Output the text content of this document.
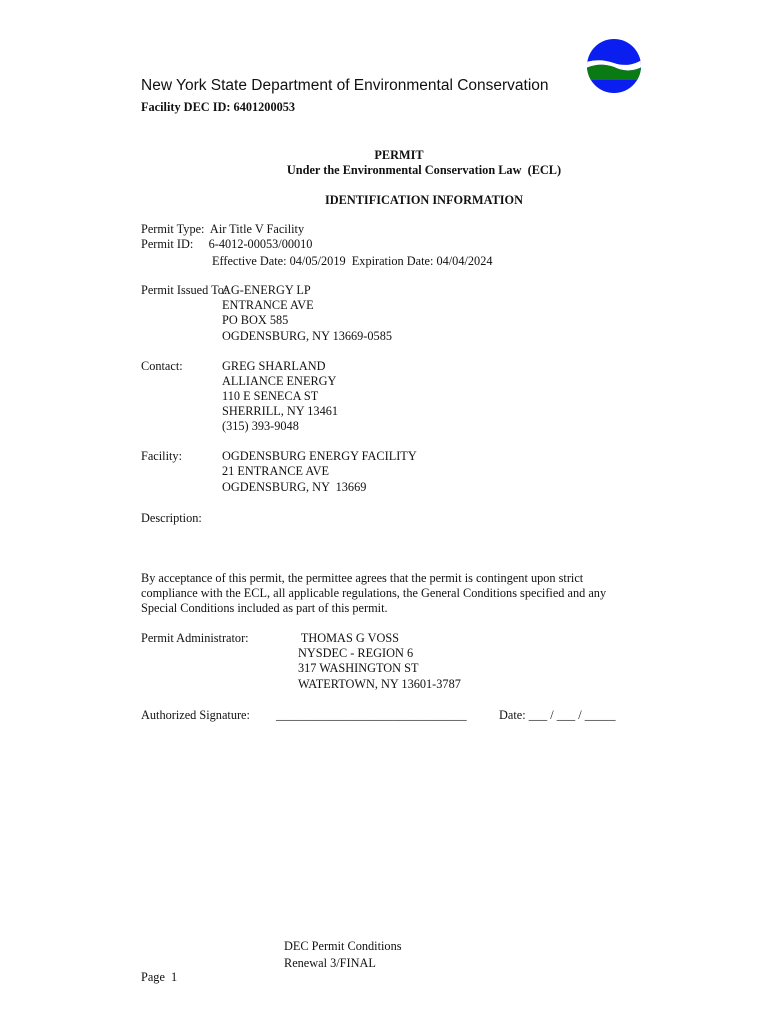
New York State Department of Environmental Conservation
Facility DEC ID: 6401200053
PERMIT
Under the Environmental Conservation Law  (ECL)
IDENTIFICATION INFORMATION
Permit Type:  Air Title V Facility
Permit ID:     6-4012-00053/00010
Effective Date: 04/05/2019  Expiration Date: 04/04/2024
Permit Issued To:
AG-ENERGY LP
ENTRANCE AVE
PO BOX 585
OGDENSBURG, NY 13669-0585
Contact:	GREG SHARLAND
ALLIANCE ENERGY
110 E SENECA ST
SHERRILL, NY 13461
(315) 393-9048
Facility:	OGDENSBURG ENERGY FACILITY
21 ENTRANCE AVE
OGDENSBURG, NY  13669
Description:
By acceptance of this permit, the permittee agrees that the permit is contingent upon strict
compliance with the ECL, all applicable regulations, the General Conditions specified and any
Special Conditions included as part of this permit.
Permit Administrator:	THOMAS G VOSS
NYSDEC - REGION 6
317 WASHINGTON ST
WATERTOWN, NY 13601-3787
Authorized Signature: _______________________________	Date: ___ / ___ / _____
DEC Permit Conditions
Renewal 3/FINAL
Page  1
